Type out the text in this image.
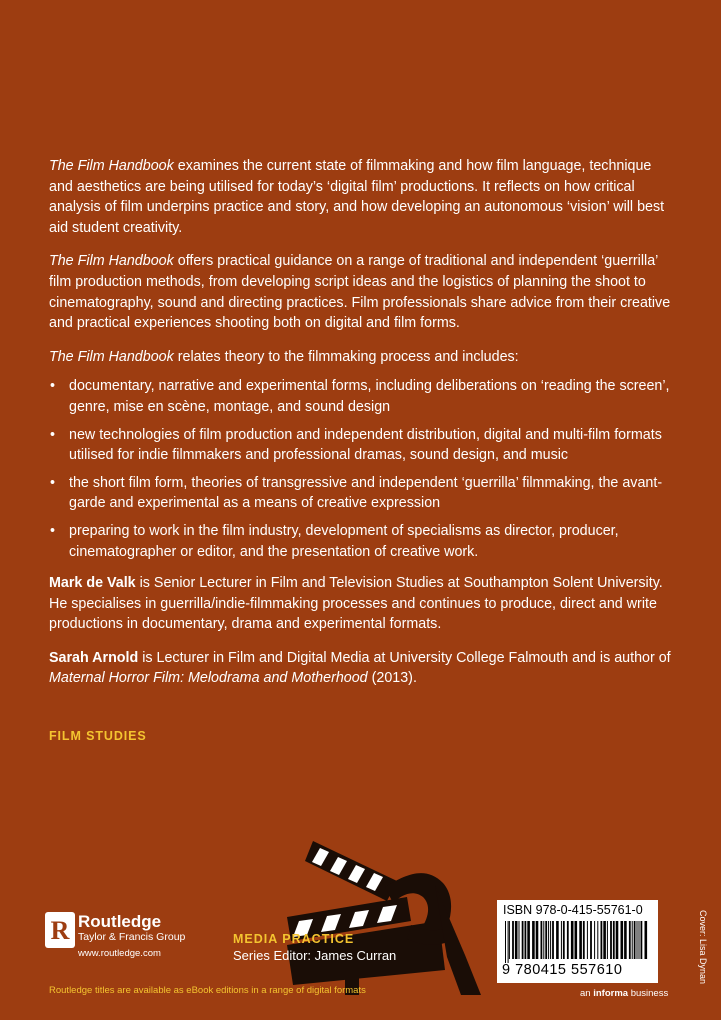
The Film Handbook examines the current state of filmmaking and how film language, technique and aesthetics are being utilised for today’s ‘digital film’ productions. It reflects on how critical analysis of film underpins practice and story, and how developing an autonomous ‘vision’ will best aid student creativity.

The Film Handbook offers practical guidance on a range of traditional and independent ‘guerrilla’ film production methods, from developing script ideas and the logistics of planning the shoot to cinematography, sound and directing practices. Film professionals share advice from their creative and practical experiences shooting both on digital and film forms.

The Film Handbook relates theory to the filmmaking process and includes:

• documentary, narrative and experimental forms, including deliberations on ‘reading the screen’, genre, mise en scène, montage, and sound design
• new technologies of film production and independent distribution, digital and multi-film formats utilised for indie filmmakers and professional dramas, sound design, and music
• the short film form, theories of transgressive and independent ‘guerrilla’ filmmaking, the avant-garde and experimental as a means of creative expression
• preparing to work in the film industry, development of specialisms as director, producer, cinematographer or editor, and the presentation of creative work.

Mark de Valk is Senior Lecturer in Film and Television Studies at Southampton Solent University. He specialises in guerrilla/indie-filmmaking processes and continues to produce, direct and write productions in documentary, drama and experimental formats.

Sarah Arnold is Lecturer in Film and Digital Media at University College Falmouth and is author of Maternal Horror Film: Melodrama and Motherhood (2013).

FILM STUDIES
R Routledge
Taylor & Francis Group
www.routledge.com
MEDIA PRACTICE
Series Editor: James Curran
ISBN 978-0-415-55761-0
9 780415 557610	Cover: Lisa Dynan
Routledge titles are available as eBook editions in a range of digital formats	an informa business
